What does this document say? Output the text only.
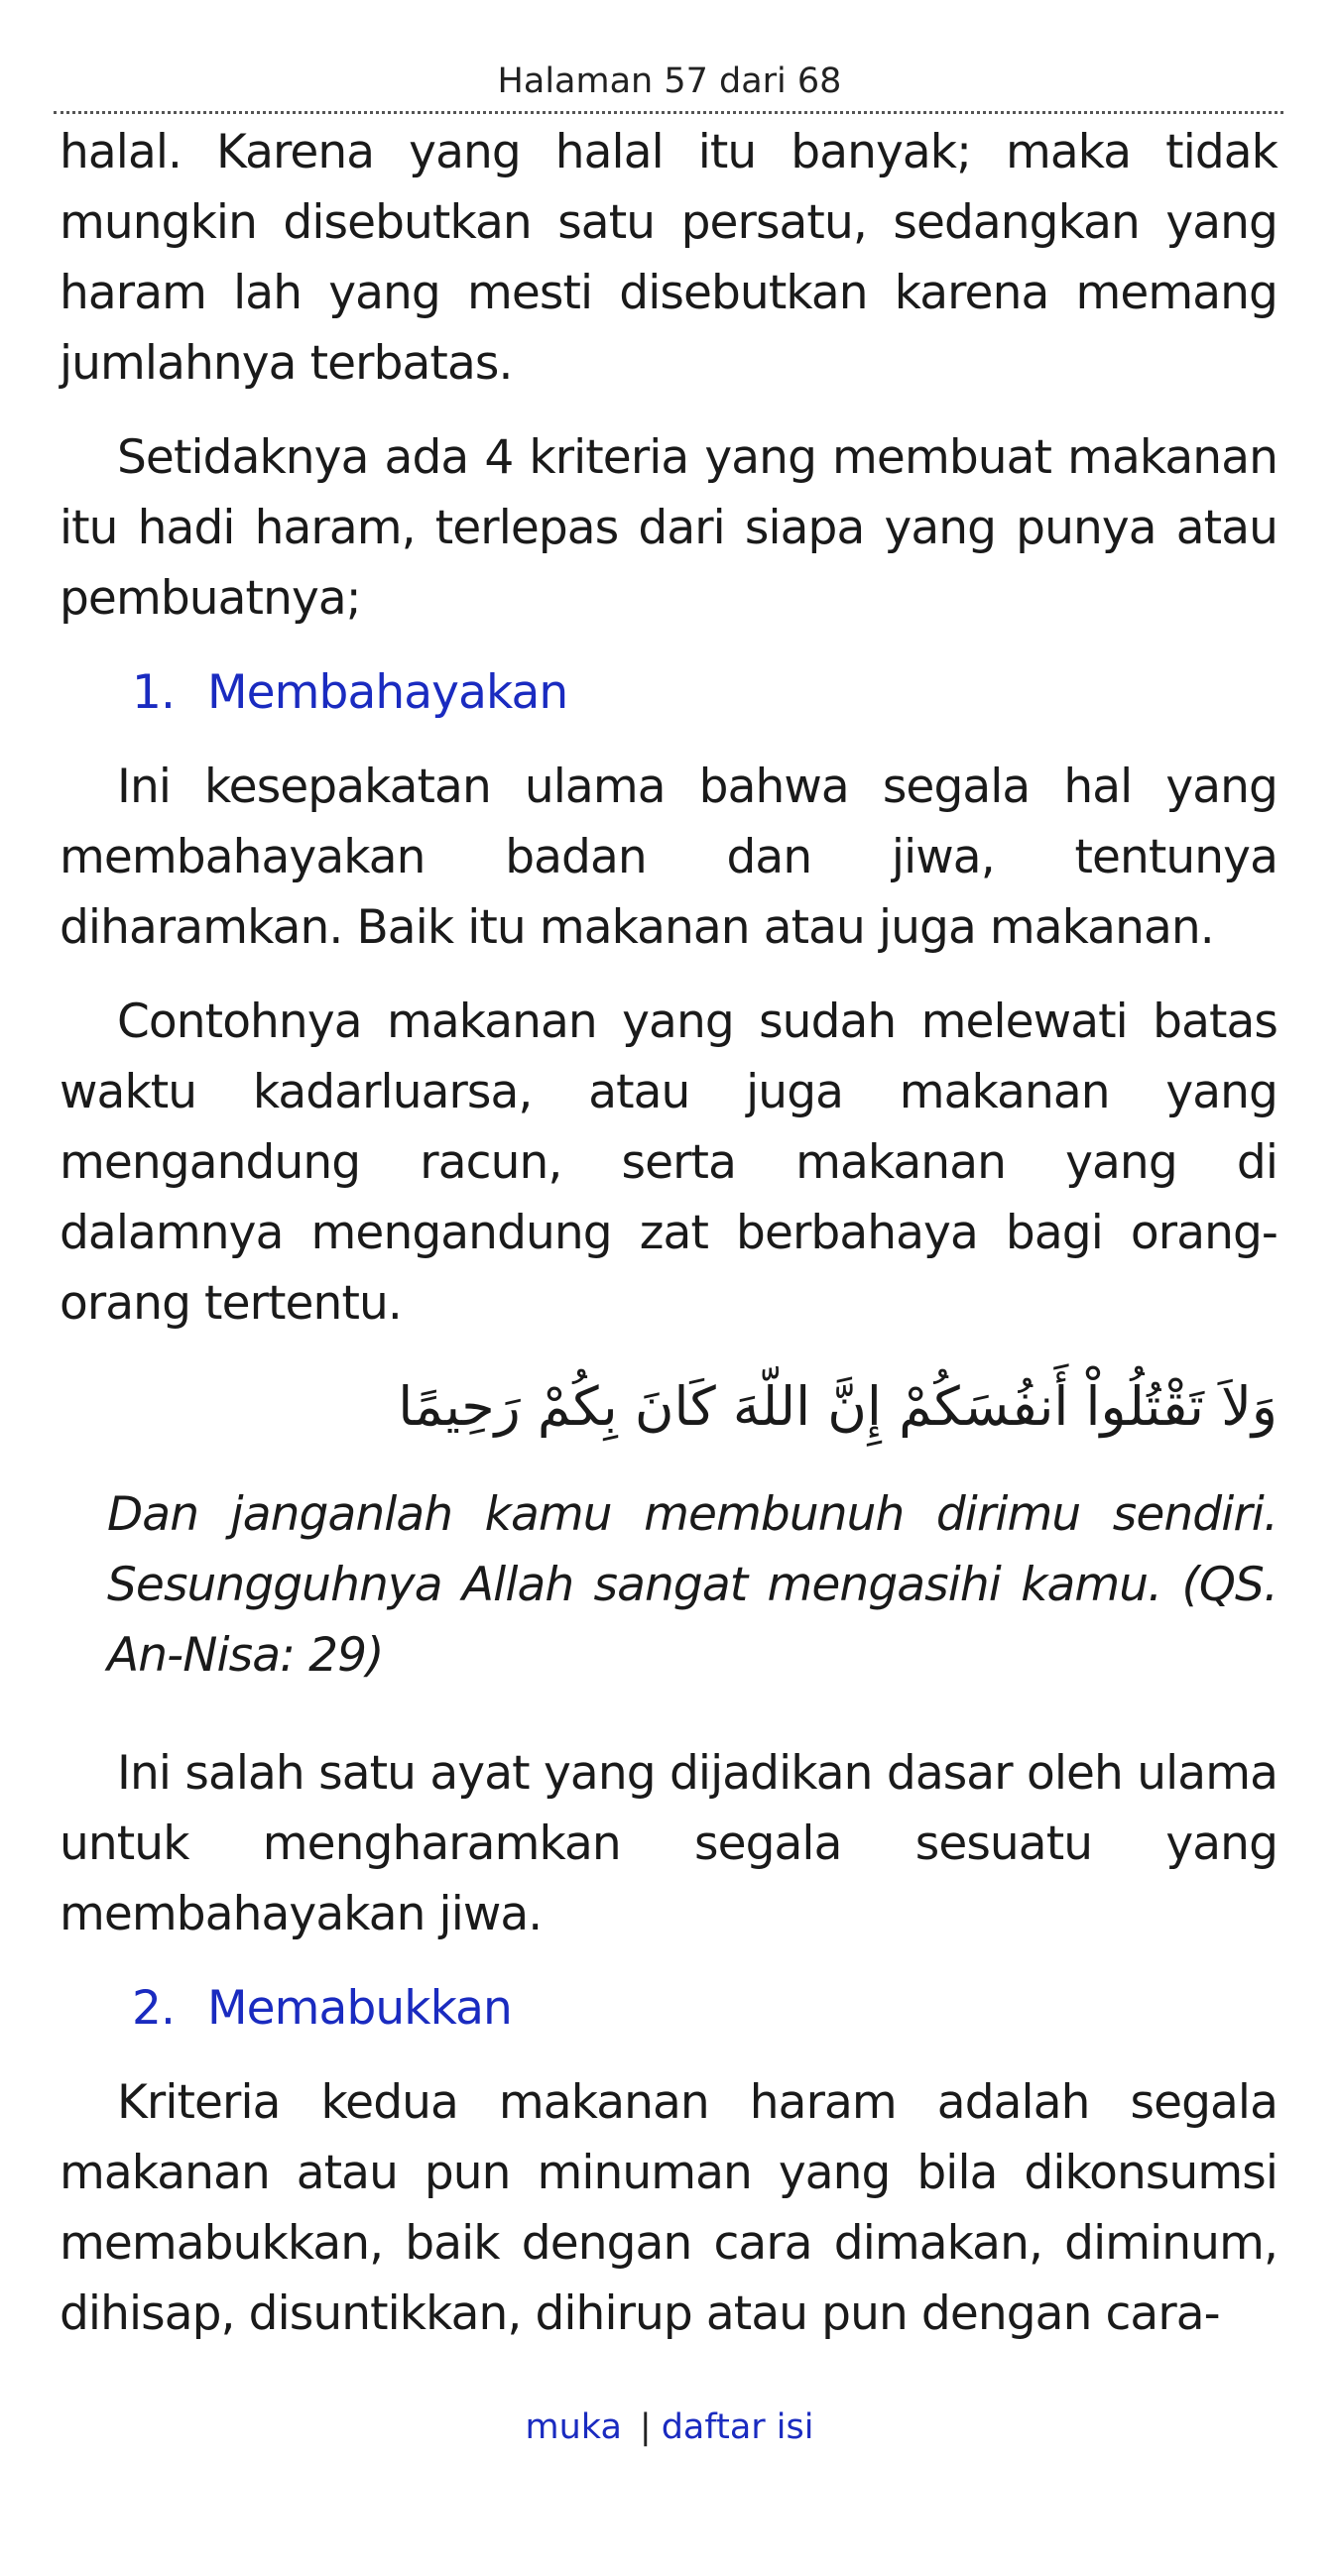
Halaman 57 dari 68

halal. Karena yang halal itu banyak; maka tidak mungkin disebutkan satu persatu, sedangkan yang haram lah yang mesti disebutkan karena memang jumlahnya terbatas.

Setidaknya ada 4 kriteria yang membuat makanan itu hadi haram, terlepas dari siapa yang punya atau pembuatnya;

1. Membahayakan

Ini kesepakatan ulama bahwa segala hal yang membahayakan badan dan jiwa, tentunya diharamkan. Baik itu makanan atau juga makanan.

Contohnya makanan yang sudah melewati batas waktu kadarluarsa, atau juga makanan yang mengandung racun, serta makanan yang di dalamnya mengandung zat berbahaya bagi orang-orang tertentu.

وَلاَ تَقْتُلُواْ أَنفُسَكُمْ إِنَّ اللّهَ كَانَ بِكُمْ رَحِيمًا

Dan janganlah kamu membunuh dirimu sendiri. Sesungguhnya Allah sangat mengasihi kamu. (QS. An-Nisa: 29)

Ini salah satu ayat yang dijadikan dasar oleh ulama untuk mengharamkan segala sesuatu yang membahayakan jiwa.

2. Memabukkan

Kriteria kedua makanan haram adalah segala makanan atau pun minuman yang bila dikonsumsi memabukkan, baik dengan cara dimakan, diminum, dihisap, disuntikkan, dihirup atau pun dengan cara-

muka | daftar isi
